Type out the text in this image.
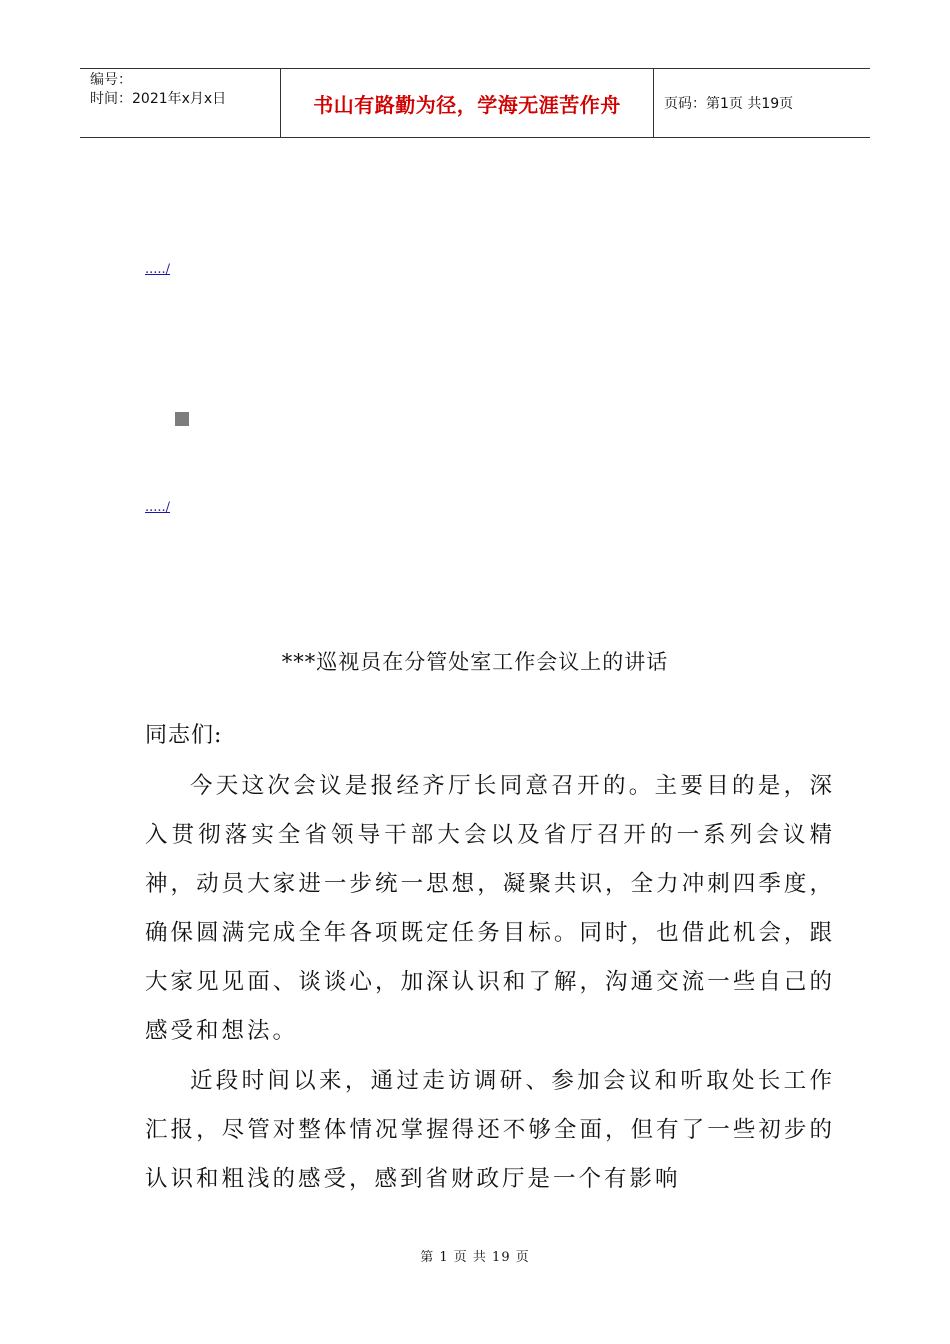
编号：
时间：2021年x月x日	书山有路勤为径，学海无涯苦作舟	页码：第1页 共19页
...../
...../
***巡视员在分管处室工作会议上的讲话
同志们:

今天这次会议是报经齐厅长同意召开的。主要目的是，深入贯彻落实全省领导干部大会以及省厅召开的一系列会议精神，动员大家进一步统一思想，凝聚共识，全力冲刺四季度，确保圆满完成全年各项既定任务目标。同时，也借此机会，跟大家见见面、谈谈心，加深认识和了解，沟通交流一些自己的感受和想法。

近段时间以来，通过走访调研、参加会议和听取处长工作汇报，尽管对整体情况掌握得还不够全面，但有了一些初步的认识和粗浅的感受，感到省财政厅是一个有影响

第 1 页 共 19 页
